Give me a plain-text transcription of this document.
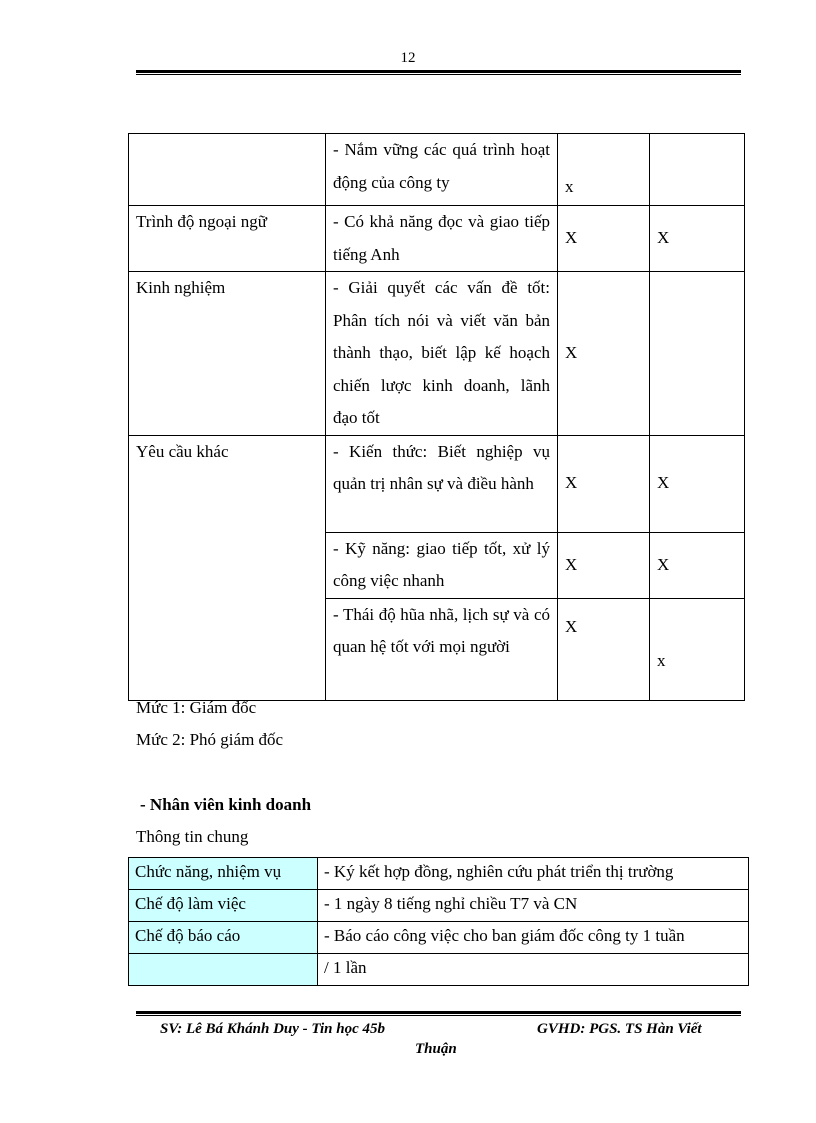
12
	- Nắm vững các quá trình hoạt động của công ty	x	
Trình độ ngoại ngữ	- Có khả năng đọc và giao tiếp tiếng Anh	X	X
Kinh nghiệm	- Giải quyết các vấn đề tốt: Phân tích nói và viết văn bản thành thạo, biết lập kế hoạch chiến lược kinh doanh, lãnh đạo tốt	X	
Yêu cầu khác	- Kiến thức: Biết nghiệp vụ quản trị nhân sự và điều hành	X	X
	- Kỹ năng: giao tiếp tốt, xử lý công việc nhanh	X	X
	- Thái độ hũa nhã, lịch sự và có quan hệ tốt với mọi người	X	x
Mức 1: Giám đốc
Mức 2: Phó giám đốc
- Nhân viên kinh doanh
Thông tin chung
Chức năng, nhiệm vụ	- Ký kết hợp đồng, nghiên cứu phát triển thị trường
Chế độ làm việc	- 1 ngày 8 tiếng nghỉ chiều T7 và CN
Chế độ báo cáo	- Báo cáo công việc cho ban giám đốc công ty 1 tuần
	/ 1 lần
SV: Lê Bá Khánh Duy - Tin học 45b	GVHD: PGS. TS Hàn Viết
Thuận
